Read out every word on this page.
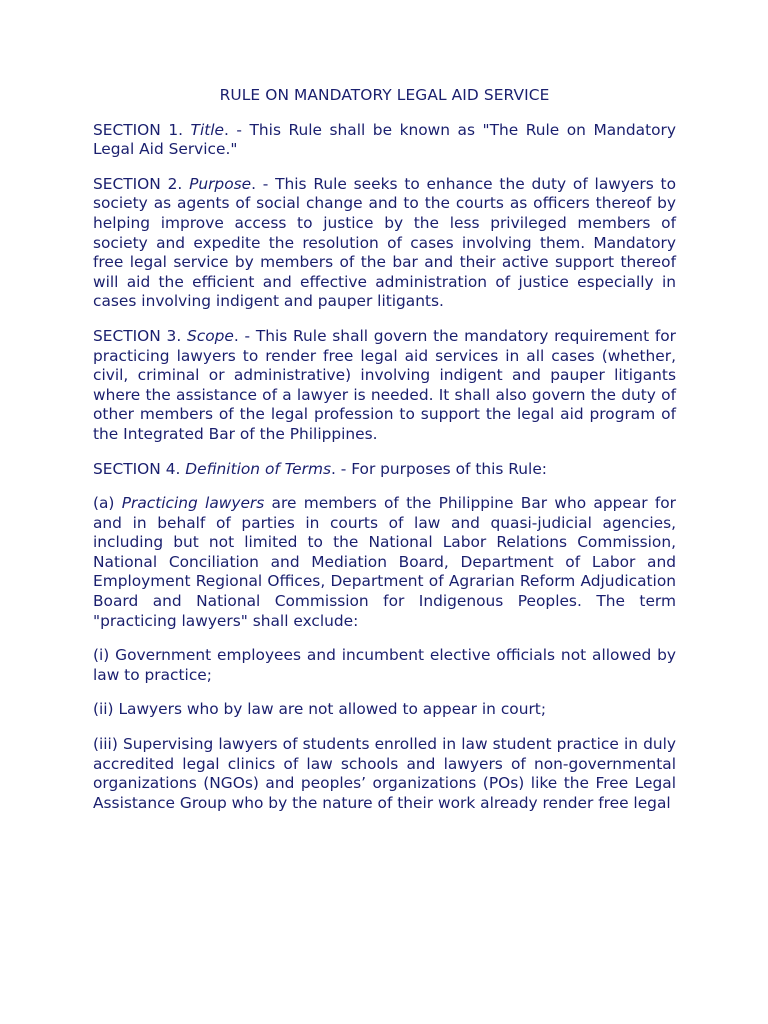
RULE ON MANDATORY LEGAL AID SERVICE

SECTION 1. Title. - This Rule shall be known as "The Rule on Mandatory Legal Aid Service."

SECTION 2. Purpose. - This Rule seeks to enhance the duty of lawyers to society as agents of social change and to the courts as officers thereof by helping improve access to justice by the less privileged members of society and expedite the resolution of cases involving them. Mandatory free legal service by members of the bar and their active support thereof will aid the efficient and effective administration of justice especially in cases involving indigent and pauper litigants.

SECTION 3. Scope. - This Rule shall govern the mandatory requirement for practicing lawyers to render free legal aid services in all cases (whether, civil, criminal or administrative) involving indigent and pauper litigants where the assistance of a lawyer is needed. It shall also govern the duty of other members of the legal profession to support the legal aid program of the Integrated Bar of the Philippines.

SECTION 4. Definition of Terms. - For purposes of this Rule:

(a) Practicing lawyers are members of the Philippine Bar who appear for and in behalf of parties in courts of law and quasi-judicial agencies, including but not limited to the National Labor Relations Commission, National Conciliation and Mediation Board, Department of Labor and Employment Regional Offices, Department of Agrarian Reform Adjudication Board and National Commission for Indigenous Peoples. The term "practicing lawyers" shall exclude:

(i) Government employees and incumbent elective officials not allowed by law to practice;

(ii) Lawyers who by law are not allowed to appear in court;

(iii) Supervising lawyers of students enrolled in law student practice in duly accredited legal clinics of law schools and lawyers of non-governmental organizations (NGOs) and peoples’ organizations (POs) like the Free Legal Assistance Group who by the nature of their work already render free legal
